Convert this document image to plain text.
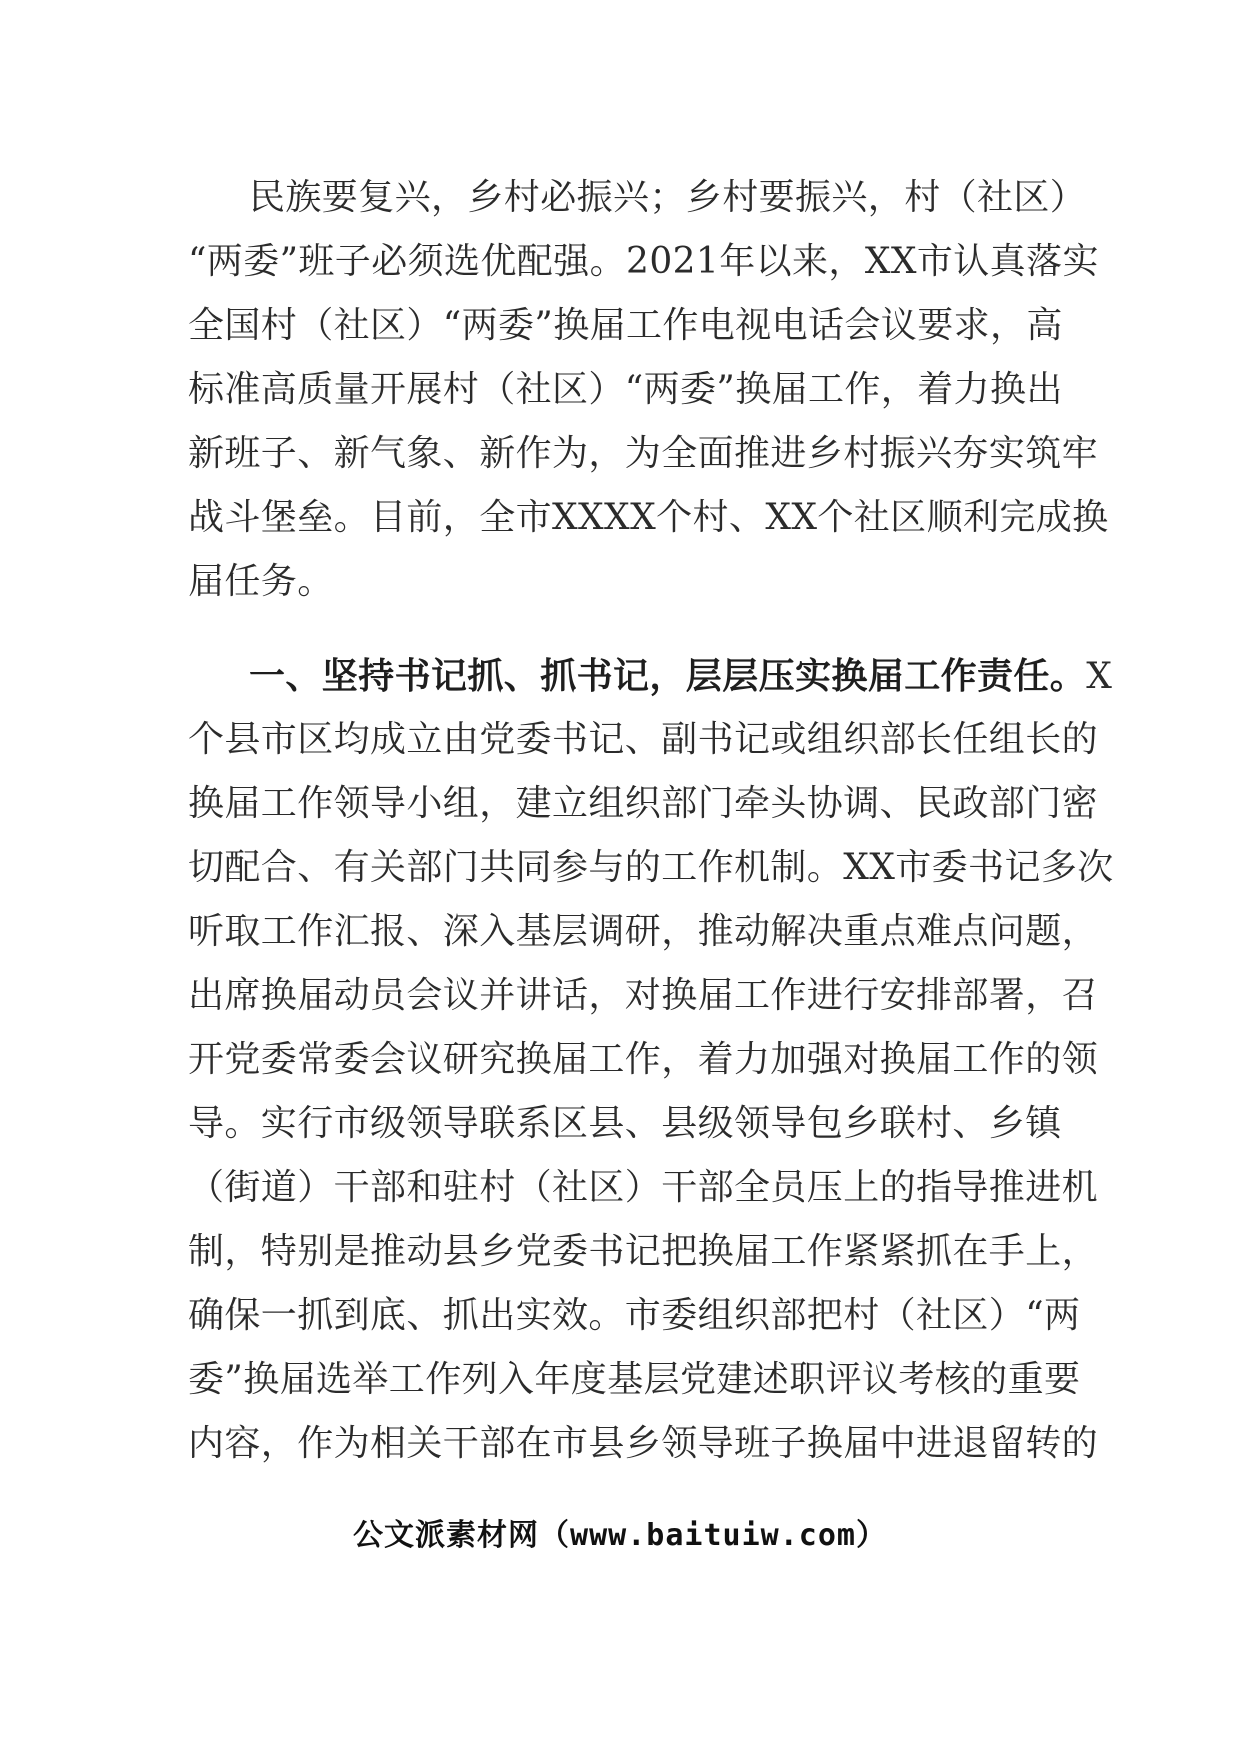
民族要复兴，乡村必振兴；乡村要振兴，村（社区）
“两委”班子必须选优配强。2021年以来，XX市认真落实
全国村（社区）“两委”换届工作电视电话会议要求，高
标准高质量开展村（社区）“两委”换届工作，着力换出
新班子、新气象、新作为，为全面推进乡村振兴夯实筑牢
战斗堡垒。目前，全市XXXX个村、XX个社区顺利完成换
届任务。
一、坚持书记抓、抓书记，层层压实换届工作责任。X
个县市区均成立由党委书记、副书记或组织部长任组长的
换届工作领导小组，建立组织部门牵头协调、民政部门密
切配合、有关部门共同参与的工作机制。XX市委书记多次
听取工作汇报、深入基层调研，推动解决重点难点问题，
出席换届动员会议并讲话，对换届工作进行安排部署，召
开党委常委会议研究换届工作，着力加强对换届工作的领
导。实行市级领导联系区县、县级领导包乡联村、乡镇
（街道）干部和驻村（社区）干部全员压上的指导推进机
制，特别是推动县乡党委书记把换届工作紧紧抓在手上，
确保一抓到底、抓出实效。市委组织部把村（社区）“两
委”换届选举工作列入年度基层党建述职评议考核的重要
内容，作为相关干部在市县乡领导班子换届中进退留转的
公文派素材网（www.baituiw.com）
